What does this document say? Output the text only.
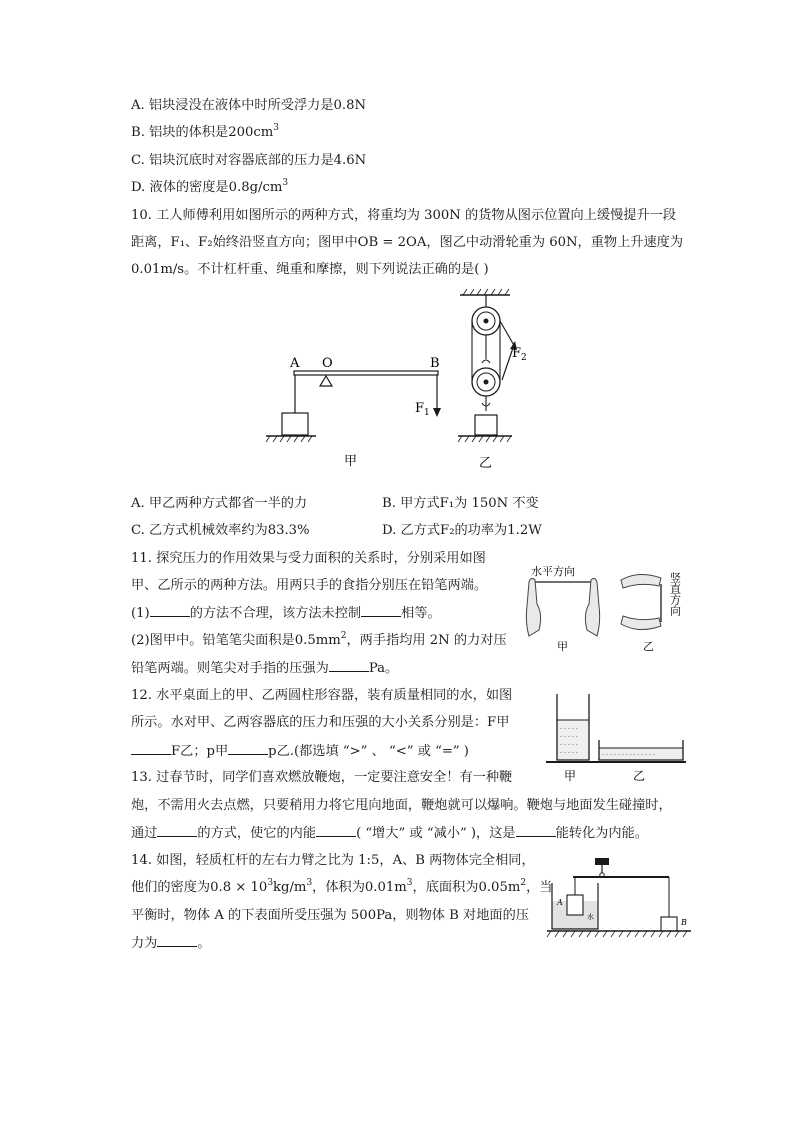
A. 铝块浸没在液体中时所受浮力是0.8N
B. 铝块的体积是$200cm^3$
C. 铝块沉底时对容器底部的压力是4.6N
D. 液体的密度是$0.8g/cm^3$
10. 工人师傅利用如图所示的两种方式，将重均为 300N 的货物从图示位置向上缓慢提升一段
距离，F₁、F₂始终沿竖直方向；图甲中OB = 2OA，图乙中动滑轮重为 60N，重物上升速度为
0.01m/s。不计杠杆重、绳重和摩擦，则下列说法正确的是( )
A O	B
$F_1$
甲
$F_2$
乙
A. 甲乙两种方式都省一半的力	B. 甲方式F₁为 150N 不变
C. 乙方式机械效率约为83.3%	D. 乙方式F₂的功率为1.2W
11. 探究压力的作用效果与受力面积的关系时，分别采用如图
甲、乙所示的两种方法。用两只手的食指分别压在铅笔两端。
(1)	的方法不合理，该方法未控制	相等。
(2)图甲中。铅笔笔尖面积是$0.5mm^2$，两手指均用 2N 的力对压
铅笔两端。则笔尖对手指的压强为	Pa。
水平方向
甲
竖直方向
乙
12. 水平桌面上的甲、乙两圆柱形容器，装有质量相同的水，如图
所示。水对甲、乙两容器底的压力和压强的大小关系分别是：F甲
F乙；p甲	p乙.(都选填 “>” 、 “<” 或 “=” )
- - - - -
- - - - -
- - - - -
- - - - -	- - - - - - - - - - - - - -
甲	乙
13. 过春节时，同学们喜欢燃放鞭炮，一定要注意安全！有一种鞭
炮，不需用火去点燃，只要稍用力将它甩向地面，鞭炮就可以爆响。鞭炮与地面发生碰撞时，
通过	的方式，使它的内能	( “增大” 或 “减小” )，这是	能转化为内能。
14. 如图，轻质杠杆的左右力臂之比为 1:5，A、B 两物体完全相同，
他们的密度为$0.8 \times 10^3kg/m^3$，体积为$0.01m^3$，底面积为$0.05m^2$，当
平衡时，物体 A 的下表面所受压强为 500Pa，则物体 B 对地面的压
力为	。
A
水
B
